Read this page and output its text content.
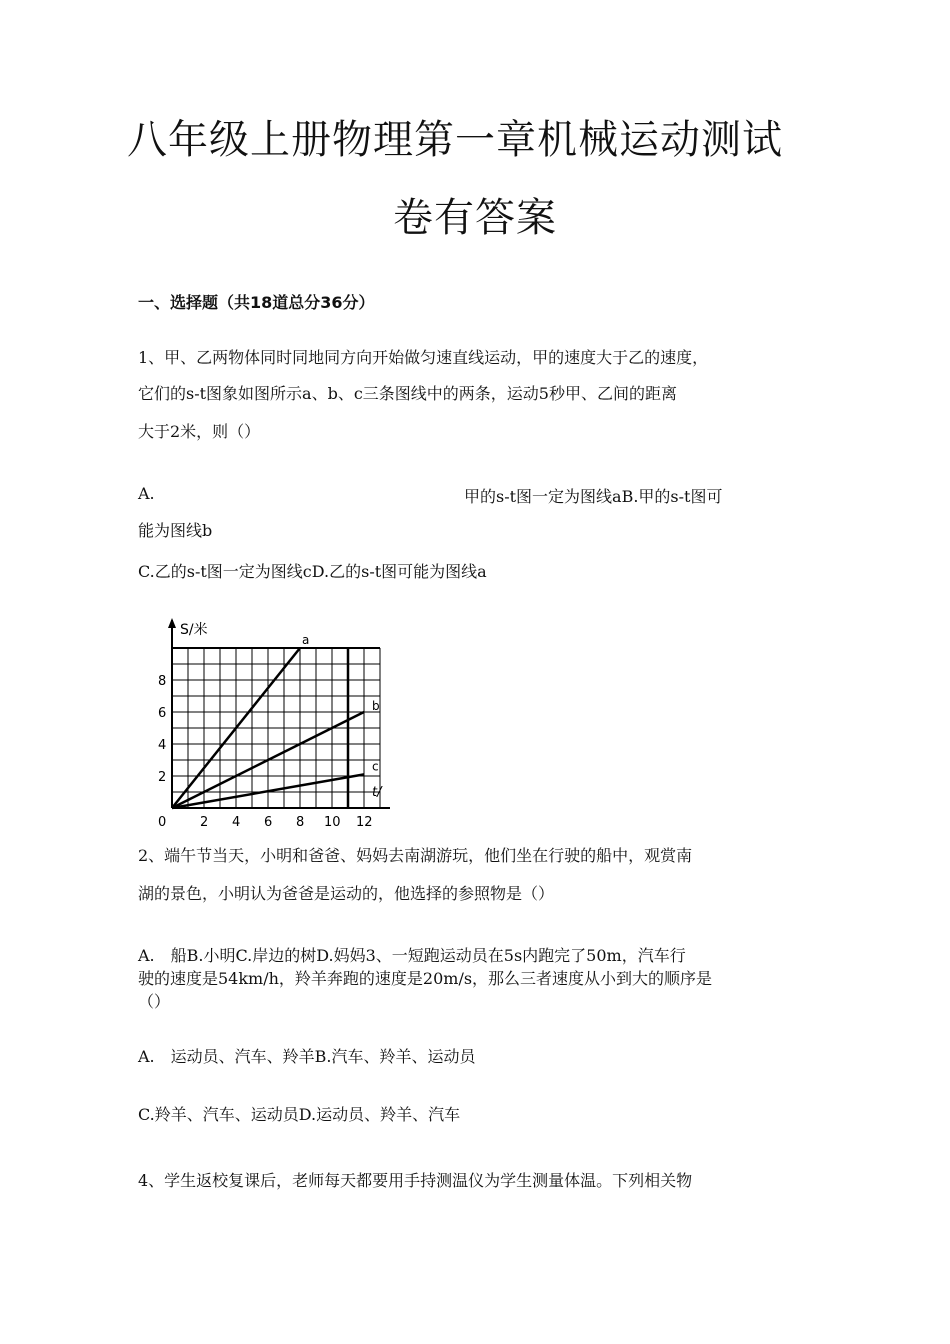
八年级上册物理第一章机械运动测试
卷有答案
一、选择题（共18道总分36分）
1、甲、乙两物体同时同地同方向开始做匀速直线运动，甲的速度大于乙的速度，
它们的s-t图象如图所示a、b、c三条图线中的两条，运动5秒甲、乙间的距离
大于2米，则（）
A.	甲的s-t图一定为图线aB.甲的s-t图可
能为图线b
C.乙的s-t图一定为图线cD.乙的s-t图可能为图线a
S/米
t/
0	2 4 6 8 10 12
2
4
6
8
a
b
c
2、端午节当天，小明和爸爸、妈妈去南湖游玩，他们坐在行驶的船中，观赏南
湖的景色，小明认为爸爸是运动的，他选择的参照物是（）
A.　船B.小明C.岸边的树D.妈妈3、一短跑运动员在5s内跑完了50m，汽车行
驶的速度是54km/h，羚羊奔跑的速度是20m/s，那么三者速度从小到大的顺序是
（）
A.　运动员、汽车、羚羊B.汽车、羚羊、运动员
C.羚羊、汽车、运动员D.运动员、羚羊、汽车
4、学生返校复课后，老师每天都要用手持测温仪为学生测量体温。下列相关物
